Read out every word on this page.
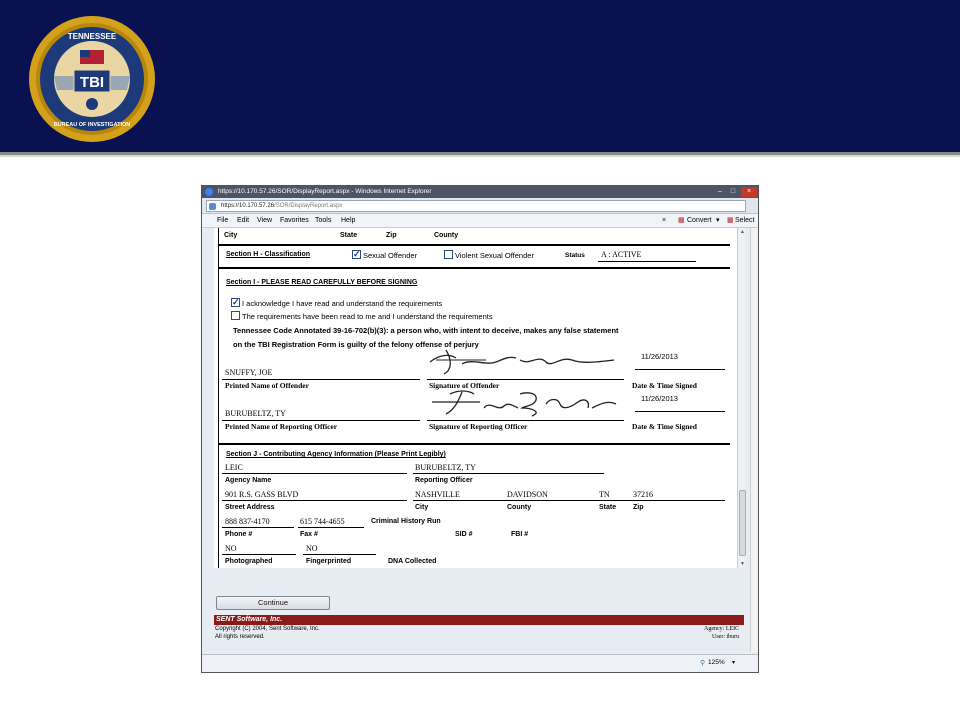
TBI
TENNESSEE
BUREAU OF INVESTIGATION
https://10.170.57.26/SOR/DisplayReport.aspx - Windows Internet Explorer	–	□	×
https://10.170.57.26/SOR/DisplayReport.aspx
File Edit View Favorites Tools Help	× ▦ Convert ▾ ▦ Select
City	State	Zip	County
Section H - Classification
✓	Sexual Offender	Violent Sexual Offender	Status A : ACTIVE
Section I - PLEASE READ CAREFULLY BEFORE SIGNING
✓
I acknowledge I have read and understand the requirements
The requirements have been read to me and I understand the requirements
Tennessee Code Annotated 39-16-702(b)(3): a person who, with intent to deceive, makes any false statement
on the TBI Registration Form is guilty of the felony offense of perjury
SNUFFY, JOE
11/26/2013
Printed Name of Offender	Signature of Offender	Date & Time Signed
BURUBELTZ, TY
11/26/2013
Printed Name of Reporting Officer	Signature of Reporting Officer	Date & Time Signed
Section J - Contributing Agency Information (Please Print Legibly)
LEIC	BURUBELTZ, TY
Agency Name	Reporting Officer
901 R.S. GASS BLVD	NASHVILLE	DAVIDSON	TN	37216
Street Address	City	County	State Zip
888 837-4170	615 744-4655	Criminal History Run
Phone #	Fax #	SID #	FBI #
NO	NO
Photographed	Fingerprinted	DNA Collected
▲
▼
Continue
SENT Software, Inc.
Copyright (C) 2004, Sent Software, Inc.
All rights reserved.
Agency: LEIC
User: tburu
⚲ 125% ▾
